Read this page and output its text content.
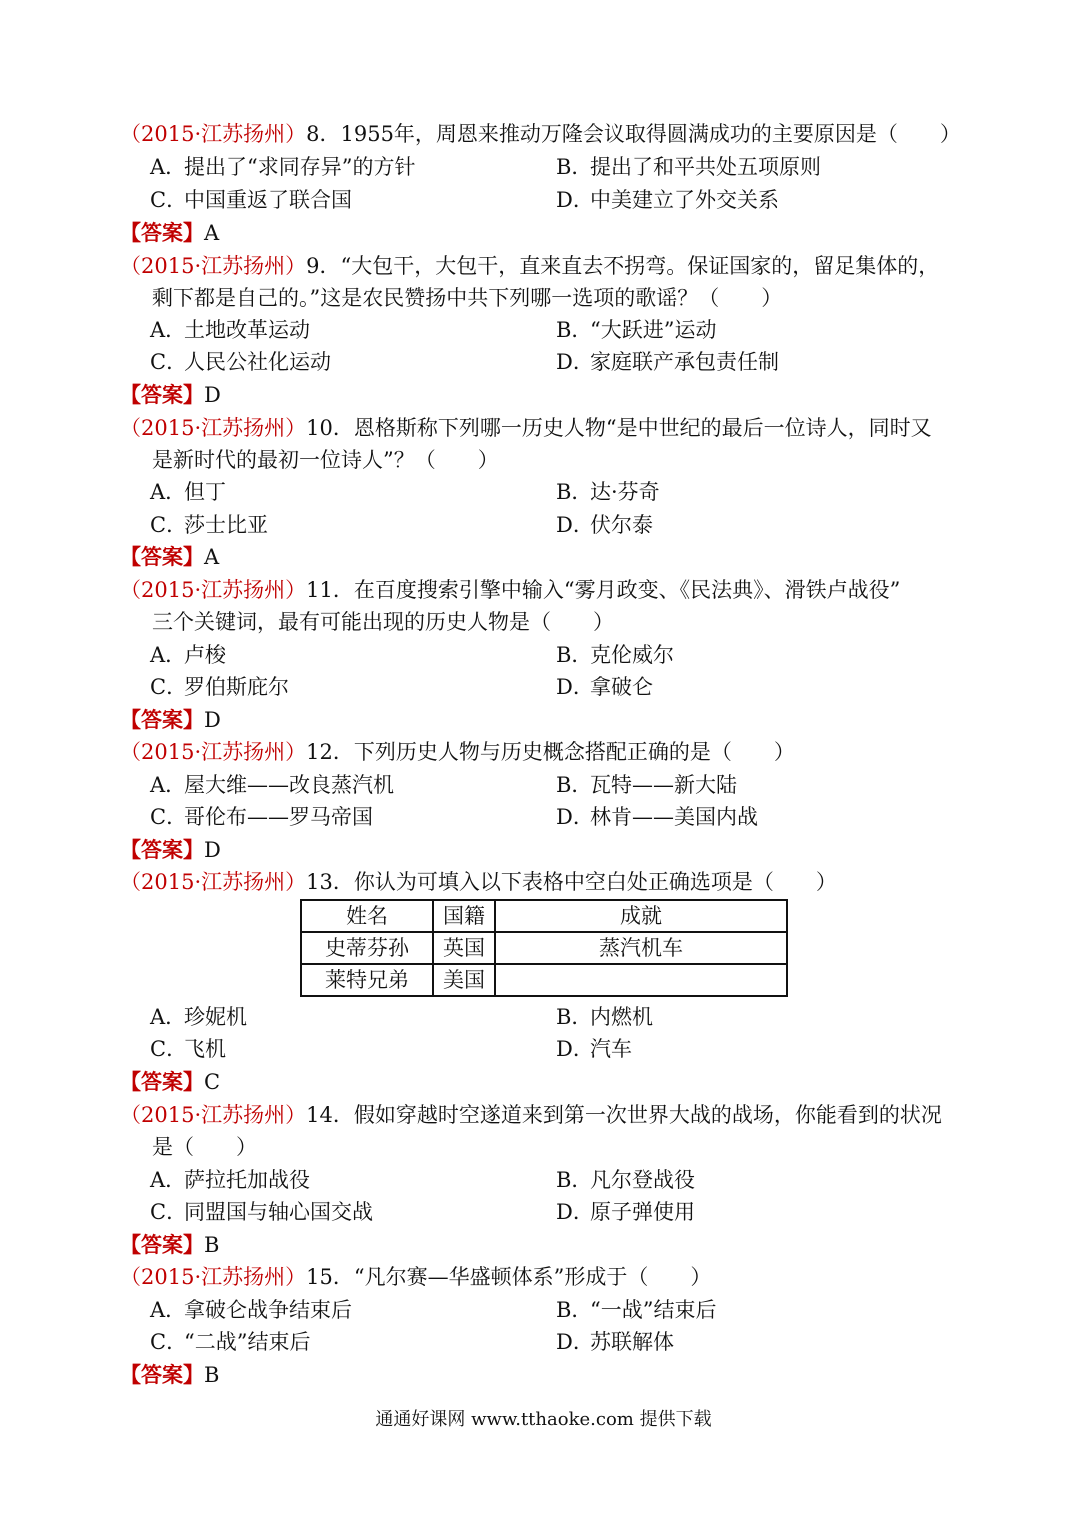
（2015·江苏扬州）8．1955年，周恩来推动万隆会议取得圆满成功的主要原因是（　　）
A．提出了“求同存异”的方针	B．提出了和平共处五项原则
C．中国重返了联合国	D．中美建立了外交关系
【答案】A
（2015·江苏扬州）9．“大包干，大包干，直来直去不拐弯。保证国家的，留足集体的，
剩下都是自己的。”这是农民赞扬中共下列哪一选项的歌谣？（　　）
A．土地改革运动	B．“大跃进”运动
C．人民公社化运动	D．家庭联产承包责任制
【答案】D
（2015·江苏扬州）10．恩格斯称下列哪一历史人物“是中世纪的最后一位诗人，同时又
是新时代的最初一位诗人”？（　　）
A．但丁	B．达·芬奇
C．莎士比亚	D．伏尔泰
【答案】A
（2015·江苏扬州）11．在百度搜索引擎中输入“雾月政变、《民法典》、滑铁卢战役”
三个关键词，最有可能出现的历史人物是（　　）
A．卢梭	B．克伦威尔
C．罗伯斯庇尔	D．拿破仑
【答案】D
（2015·江苏扬州）12．下列历史人物与历史概念搭配正确的是（　　）
A．屋大维——改良蒸汽机	B．瓦特——新大陆
C．哥伦布——罗马帝国	D．林肯——美国内战
【答案】D
（2015·江苏扬州）13．你认为可填入以下表格中空白处正确选项是（　　）
姓名	国籍	成就
史蒂芬孙	英国	蒸汽机车
莱特兄弟	美国	
A．珍妮机	B．内燃机
C．飞机	D．汽车
【答案】C
（2015·江苏扬州）14．假如穿越时空遂道来到第一次世界大战的战场，你能看到的状况
是（　　）
A．萨拉托加战役	B．凡尔登战役
C．同盟国与轴心国交战	D．原子弹使用
【答案】B
（2015·江苏扬州）15．“凡尔赛—华盛顿体系”形成于（　　）
A．拿破仑战争结束后	B．“一战”结束后
C．“二战”结束后	D．苏联解体
【答案】B
通通好课网 www.tthaoke.com 提供下载
